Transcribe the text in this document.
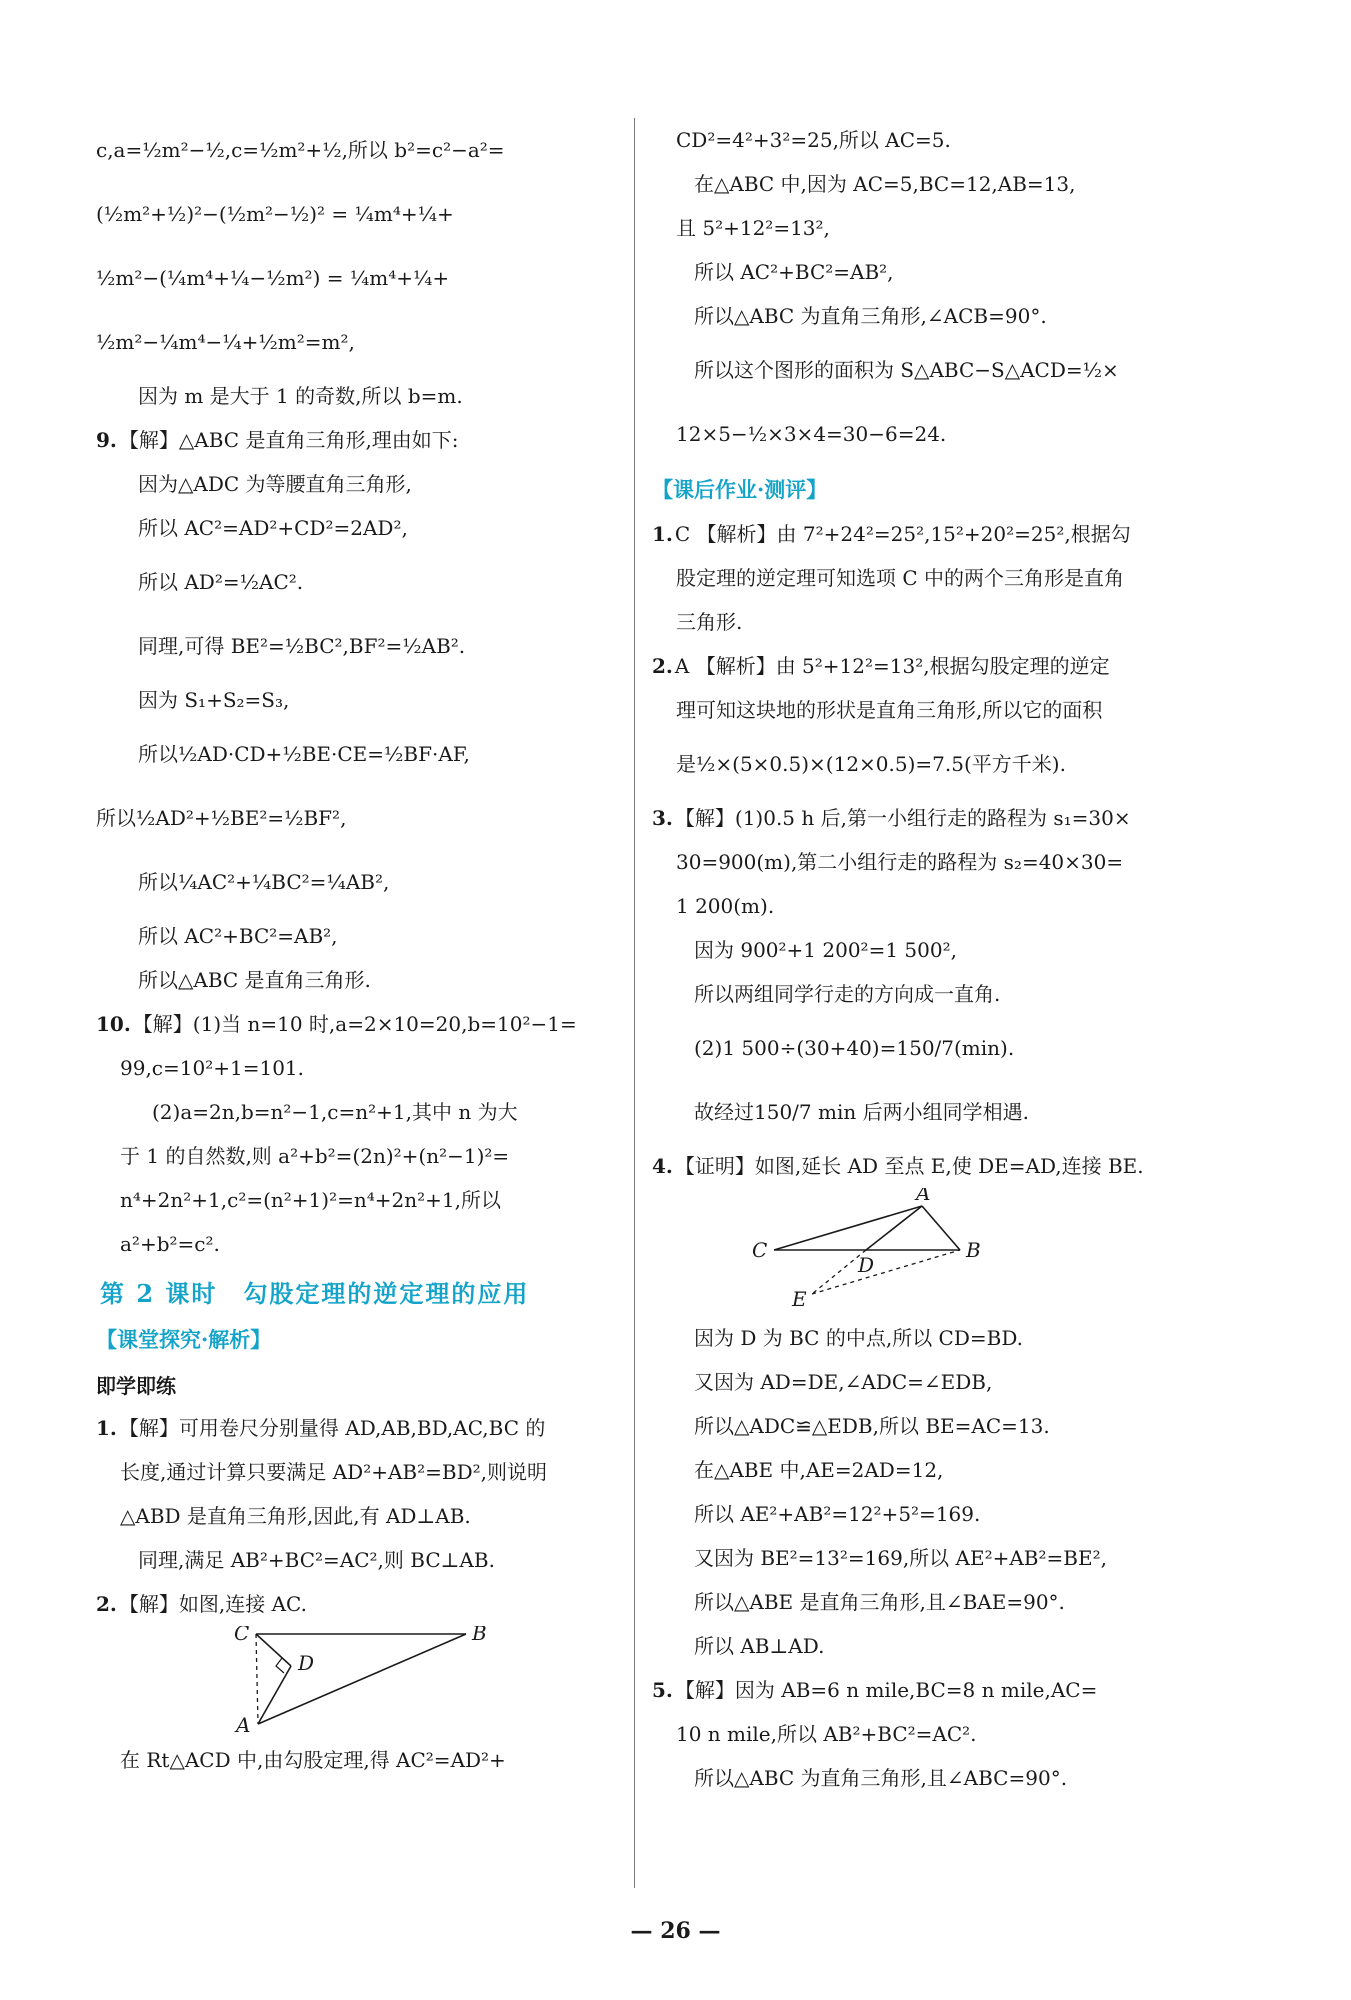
c,a=½m²−½,c=½m²+½,所以 b²=c²−a²=
(½m²+½)²−(½m²−½)² = ¼m⁴+¼+
½m²−(¼m⁴+¼−½m²) = ¼m⁴+¼+
½m²−¼m⁴−¼+½m²=m²,
因为 m 是大于 1 的奇数,所以 b=m.
9. 【解】△ABC 是直角三角形,理由如下:
因为△ADC 为等腰直角三角形,
所以 AC²=AD²+CD²=2AD²,
所以 AD²=½AC².
同理,可得 BE²=½BC²,BF²=½AB².
因为 S₁+S₂=S₃,
所以½AD·CD+½BE·CE=½BF·AF,
所以½AD²+½BE²=½BF²,
所以¼AC²+¼BC²=¼AB²,
所以 AC²+BC²=AB²,
所以△ABC 是直角三角形.
10. 【解】(1)当 n=10 时,a=2×10=20,b=10²−1=
99,c=10²+1=101.
(2)a=2n,b=n²−1,c=n²+1,其中 n 为大
于 1 的自然数,则 a²+b²=(2n)²+(n²−1)²=
n⁴+2n²+1,c²=(n²+1)²=n⁴+2n²+1,所以
a²+b²=c².
第 2 课时　勾股定理的逆定理的应用
【课堂探究·解析】
即学即练
1. 【解】可用卷尺分别量得 AD,AB,BD,AC,BC 的
长度,通过计算只要满足 AD²+AB²=BD²,则说明
△ABD 是直角三角形,因此,有 AD⊥AB.
同理,满足 AB²+BC²=AC²,则 BC⊥AB.
2. 【解】如图,连接 AC.
C	B
D
A
在 Rt△ACD 中,由勾股定理,得 AC²=AD²+
CD²=4²+3²=25,所以 AC=5.
在△ABC 中,因为 AC=5,BC=12,AB=13,
且 5²+12²=13²,
所以 AC²+BC²=AB²,
所以△ABC 为直角三角形,∠ACB=90°.
所以这个图形的面积为 S△ABC−S△ACD=½×
12×5−½×3×4=30−6=24.
【课后作业·测评】
1. C 【解析】由 7²+24²=25²,15²+20²=25²,根据勾
股定理的逆定理可知选项 C 中的两个三角形是直角
三角形.
2. A 【解析】由 5²+12²=13²,根据勾股定理的逆定
理可知这块地的形状是直角三角形,所以它的面积
是½×(5×0.5)×(12×0.5)=7.5(平方千米).
3. 【解】(1)0.5 h 后,第一小组行走的路程为 s₁=30×
30=900(m),第二小组行走的路程为 s₂=40×30=
1 200(m).
因为 900²+1 200²=1 500²,
所以两组同学行走的方向成一直角.
(2)1 500÷(30+40)=150/7(min).
故经过150/7 min 后两小组同学相遇.
4. 【证明】如图,延长 AD 至点 E,使 DE=AD,连接 BE.
A
C	B
D
E
因为 D 为 BC 的中点,所以 CD=BD.
又因为 AD=DE,∠ADC=∠EDB,
所以△ADC≌△EDB,所以 BE=AC=13.
在△ABE 中,AE=2AD=12,
所以 AE²+AB²=12²+5²=169.
又因为 BE²=13²=169,所以 AE²+AB²=BE²,
所以△ABE 是直角三角形,且∠BAE=90°.
所以 AB⊥AD.
5. 【解】因为 AB=6 n mile,BC=8 n mile,AC=
10 n mile,所以 AB²+BC²=AC².
所以△ABC 为直角三角形,且∠ABC=90°.
— 26 —
